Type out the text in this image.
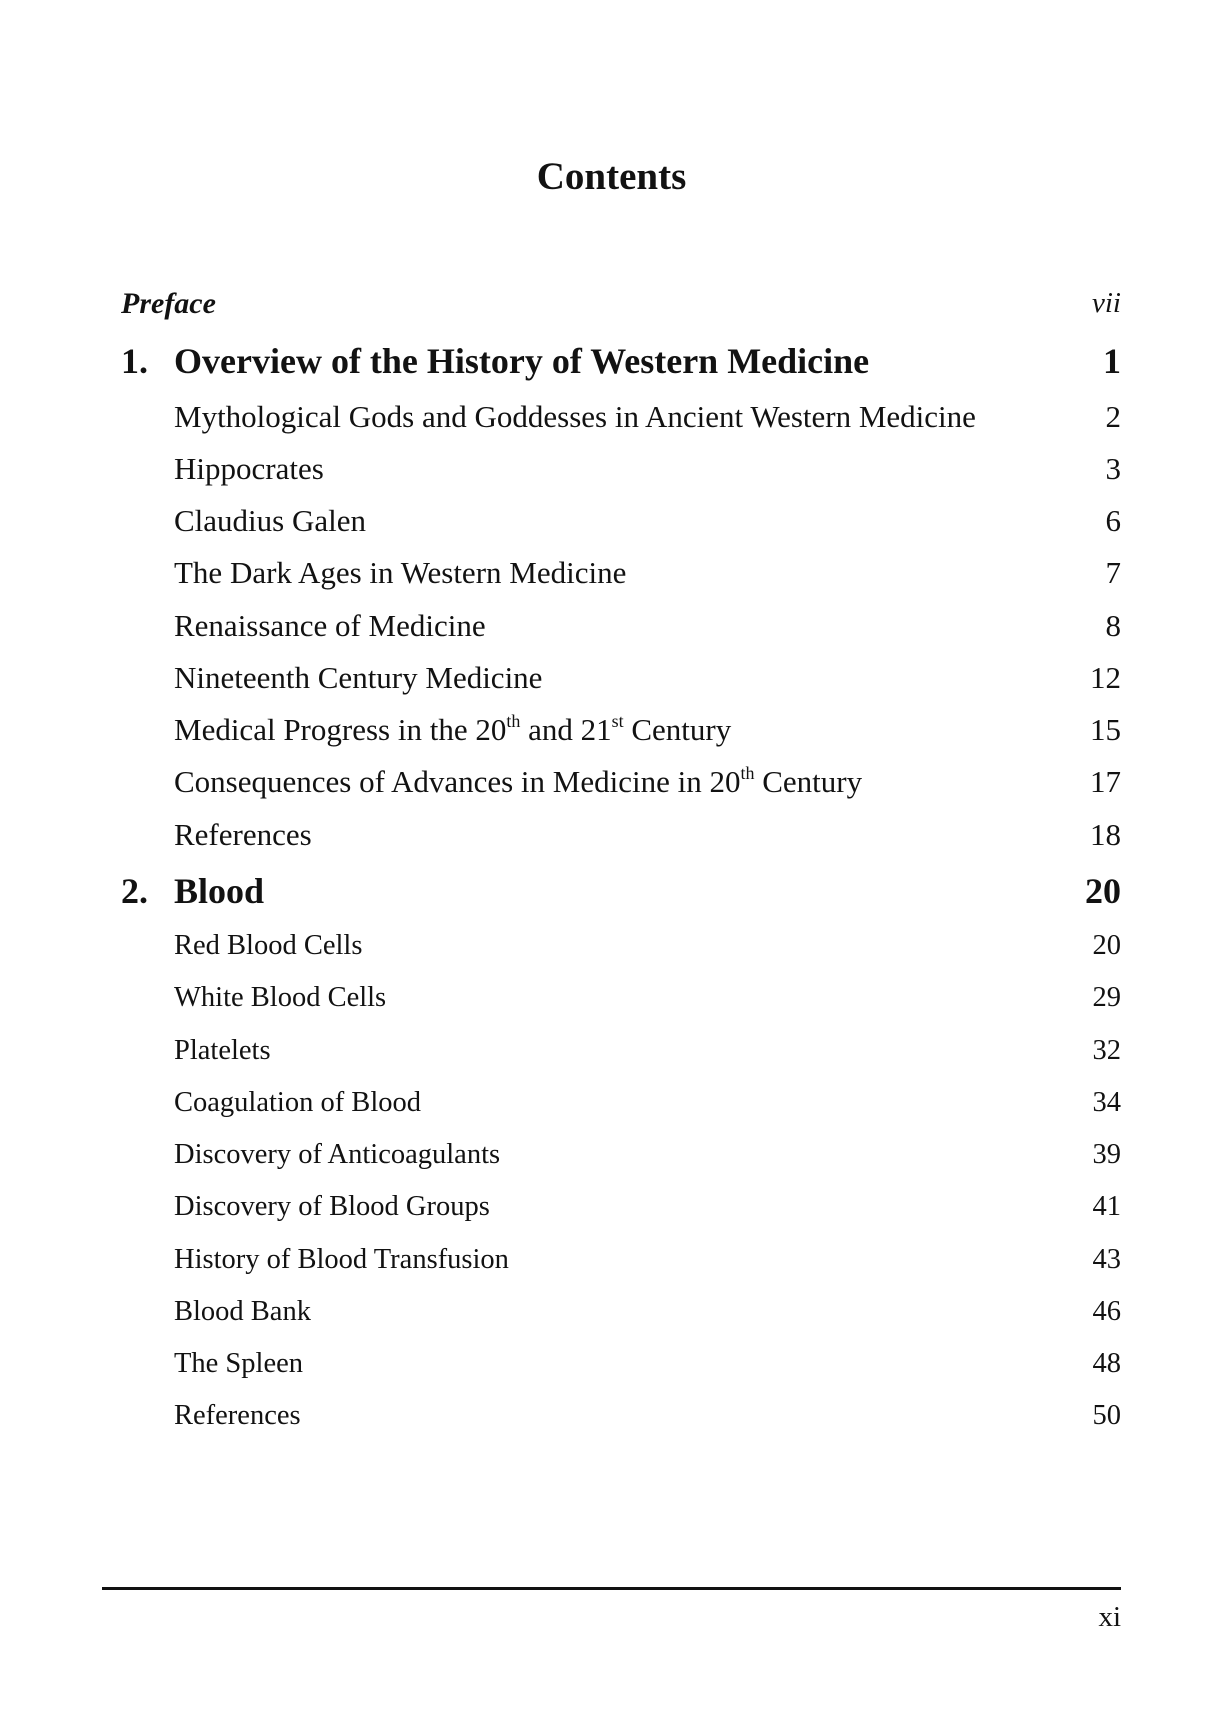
Contents
Preface	vii
1. Overview of the History of Western Medicine	1
Mythological Gods and Goddesses in Ancient Western Medicine	2
Hippocrates	3
Claudius Galen	6
The Dark Ages in Western Medicine	7
Renaissance of Medicine	8
Nineteenth Century Medicine	12
Medical Progress in the 20th and 21st Century	15
Consequences of Advances in Medicine in 20th Century	17
References	18
2. Blood	20
Red Blood Cells	20
White Blood Cells	29
Platelets	32
Coagulation of Blood	34
Discovery of Anticoagulants	39
Discovery of Blood Groups	41
History of Blood Transfusion	43
Blood Bank	46
The Spleen	48
References	50
xi
